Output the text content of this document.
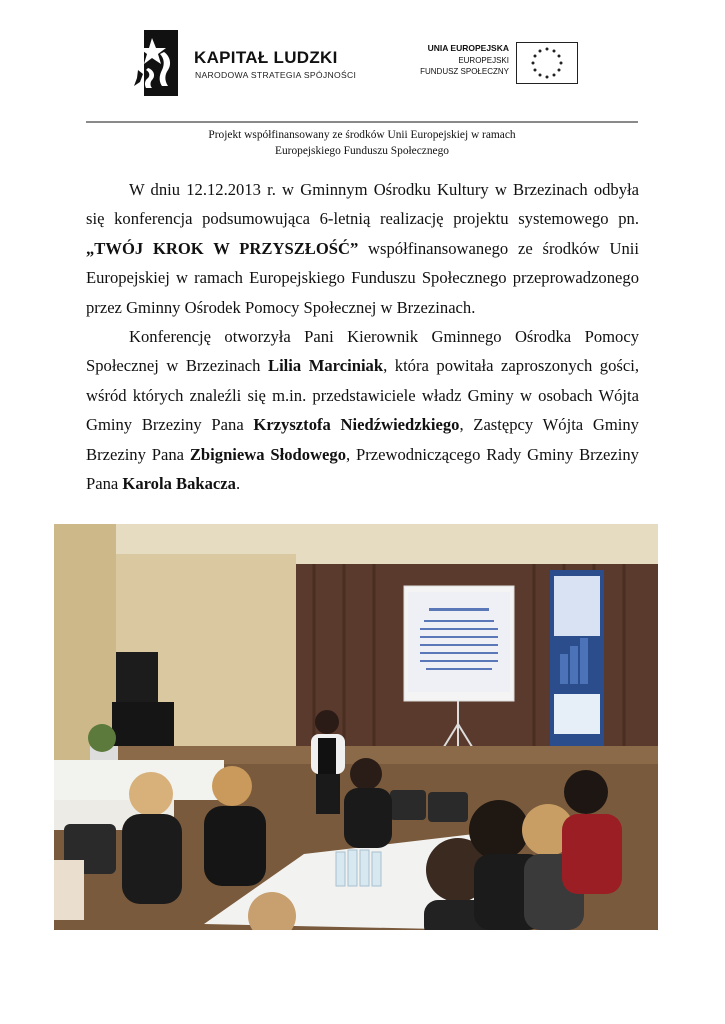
KAPITAŁ LUDZKI
NARODOWA STRATEGIA SPÓJNOŚCI
UNIA EUROPEJSKA
EUROPEJSKI
FUNDUSZ SPOŁECZNY
Projekt współfinansowany ze środków Unii Europejskiej w ramach
Europejskiego Funduszu Społecznego

W dniu 12.12.2013 r. w Gminnym Ośrodku Kultury w Brzezinach odbyła się konferencja podsumowująca 6-letnią realizację projektu systemowego pn. „TWÓJ KROK W PRZYSZŁOŚĆ” współfinansowanego ze środków Unii Europejskiej w ramach Europejskiego Funduszu Społecznego przeprowadzonego przez Gminny Ośrodek Pomocy Społecznej w Brzezinach.

Konferencję otworzyła Pani Kierownik Gminnego Ośrodka Pomocy Społecznej w Brzezinach Lilia Marciniak, która powitała zaproszonych gości, wśród których znaleźli się m.in. przedstawiciele władz Gminy w osobach Wójta Gminy Brzeziny Pana Krzysztofa Niedźwiedzkiego, Zastępcy Wójta Gminy Brzeziny Pana Zbigniewa Słodowego, Przewodniczącego Rady Gminy Brzeziny Pana Karola Bakacza.
